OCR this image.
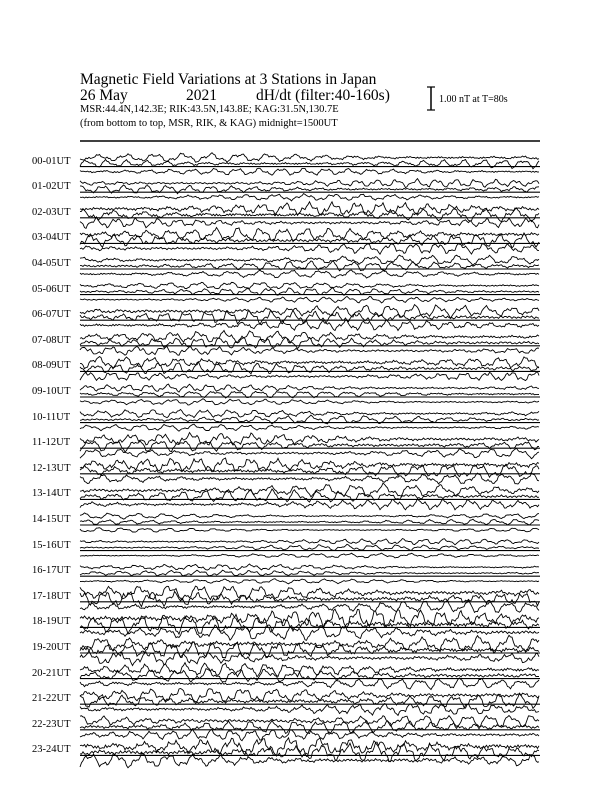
Magnetic Field Variations at 3 Stations in Japan
26 May	2021	dH/dt (filter:40-160s)
MSR:44.4N,142.3E; RIK:43.5N,143.8E; KAG:31.5N,130.7E
(from bottom to top, MSR, RIK, & KAG) midnight=1500UT
1.00 nT at T=80s
00-01UT
01-02UT
02-03UT
03-04UT
04-05UT
05-06UT
06-07UT
07-08UT
08-09UT
09-10UT
10-11UT
11-12UT
12-13UT
13-14UT
14-15UT
15-16UT
16-17UT
17-18UT
18-19UT
19-20UT
20-21UT
21-22UT
22-23UT
23-24UT
